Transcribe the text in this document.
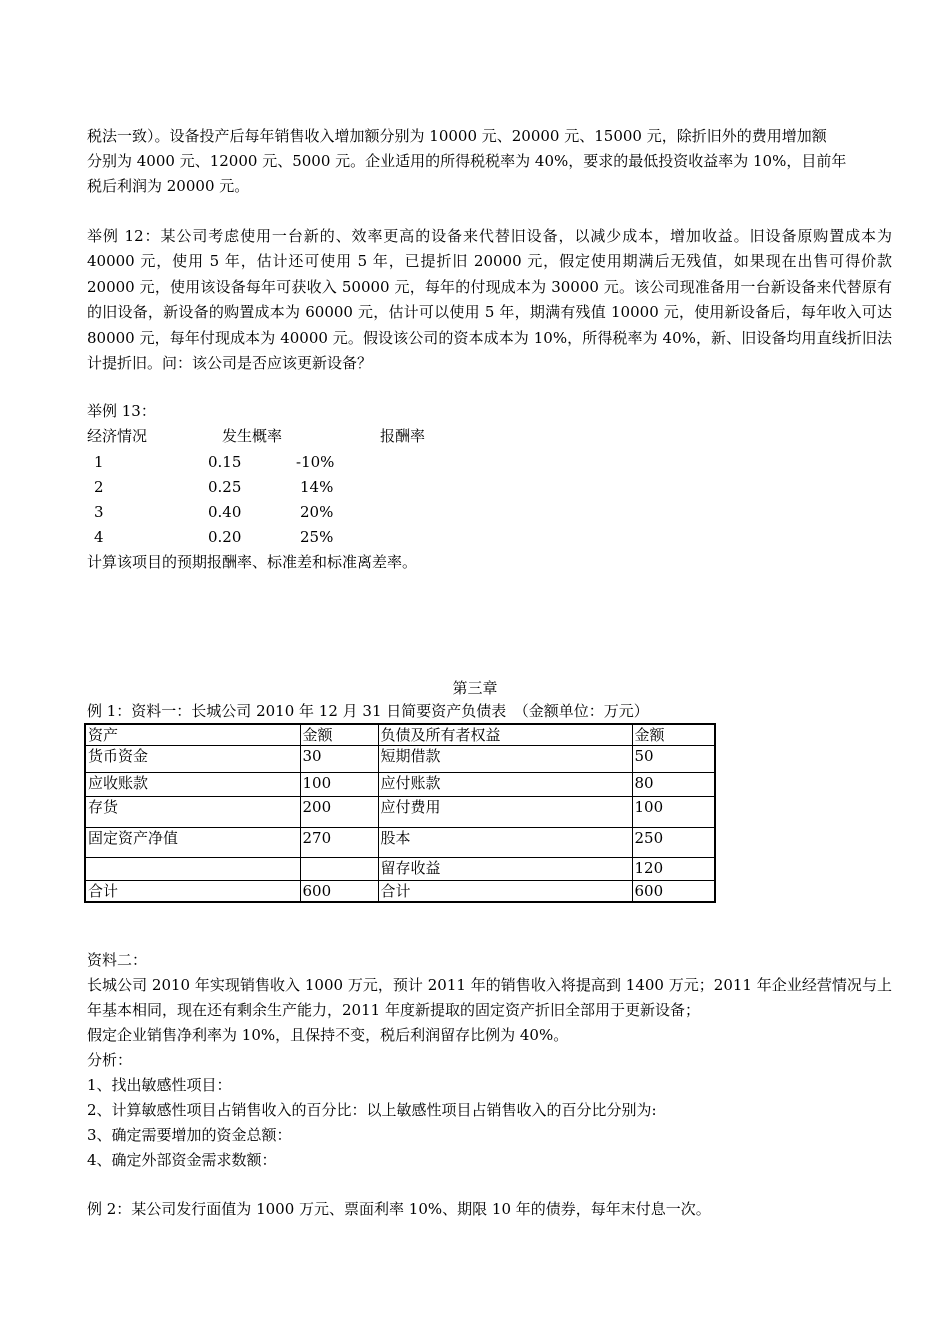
税法一致）。设备投产后每年销售收入增加额分别为 10000 元、20000 元、15000 元，除折旧外的费用增加额
分别为 4000 元、12000 元、5000 元。企业适用的所得税税率为 40%，要求的最低投资收益率为 10%，目前年
税后利润为 20000 元。
举例 12：某公司考虑使用一台新的、效率更高的设备来代替旧设备，以减少成本，增加收益。旧设备原购置成本为 40000 元，使用 5 年，估计还可使用 5 年，已提折旧 20000 元，假定使用期满后无残值，如果现在出售可得价款 20000 元，使用该设备每年可获收入 50000 元，每年的付现成本为 30000 元。该公司现准备用一台新设备来代替原有的旧设备，新设备的购置成本为 60000 元，估计可以使用 5 年，期满有残值 10000 元，使用新设备后，每年收入可达 80000 元，每年付现成本为 40000 元。假设该公司的资本成本为 10%，所得税率为 40%，新、旧设备均用直线折旧法计提折旧。问：该公司是否应该更新设备？
举例 13：
经济情况	发生概率	报酬率
1	0.15	-10%
2	0.25	14%
3	0.40	20%
4	0.20	25%
计算该项目的预期报酬率、标准差和标准离差率。
第三章
例 1：资料一：长城公司 2010 年 12 月 31 日简要资产负债表　（金额单位：万元）
资产	金额	负债及所有者权益	金额
货币资金	30	短期借款	50
应收账款	100	应付账款	80
存货	200	应付费用	100
固定资产净值	270	股本	250
		留存收益	120
合计	600	合计	600
资料二：
长城公司 2010 年实现销售收入 1000 万元，预计 2011 年的销售收入将提高到 1400 万元；2011 年企业经营情况与上年基本相同，现在还有剩余生产能力，2011 年度新提取的固定资产折旧全部用于更新设备；
假定企业销售净利率为 10%，且保持不变，税后利润留存比例为 40%。
分析：
1、找出敏感性项目：
2、计算敏感性项目占销售收入的百分比：以上敏感性项目占销售收入的百分比分别为:
3、确定需要增加的资金总额：
4、确定外部资金需求数额：
例 2：某公司发行面值为 1000 万元、票面利率 10%、期限 10 年的债券，每年末付息一次。
